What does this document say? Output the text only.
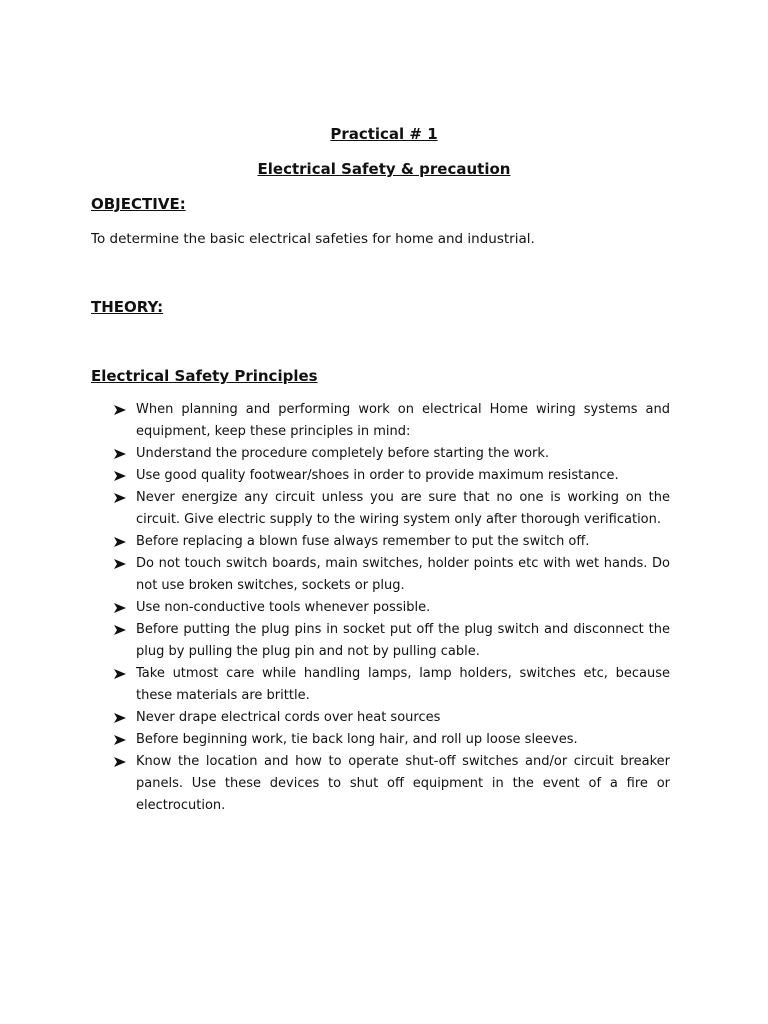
Practical # 1
Electrical Safety & precaution
OBJECTIVE:
To determine the basic electrical safeties for home and industrial.
THEORY:
Electrical Safety Principles
When planning and performing work on electrical Home wiring systems and equipment, keep these principles in mind:
Understand the procedure completely before starting the work.
Use good quality footwear/shoes in order to provide maximum resistance.
Never energize any circuit unless you are sure that no one is working on the circuit. Give electric supply to the wiring system only after thorough verification.
Before replacing a blown fuse always remember to put the switch off.
Do not touch switch boards, main switches, holder points etc with wet hands. Do not use broken switches, sockets or plug.
Use non-conductive tools whenever possible.
Before putting the plug pins in socket put off the plug switch and disconnect the plug by pulling the plug pin and not by pulling cable.
Take utmost care while handling lamps, lamp holders, switches etc, because these materials are brittle.
Never drape electrical cords over heat sources
Before beginning work, tie back long hair, and roll up loose sleeves.
Know the location and how to operate shut-off switches and/or circuit breaker panels. Use these devices to shut off equipment in the event of a fire or electrocution.
